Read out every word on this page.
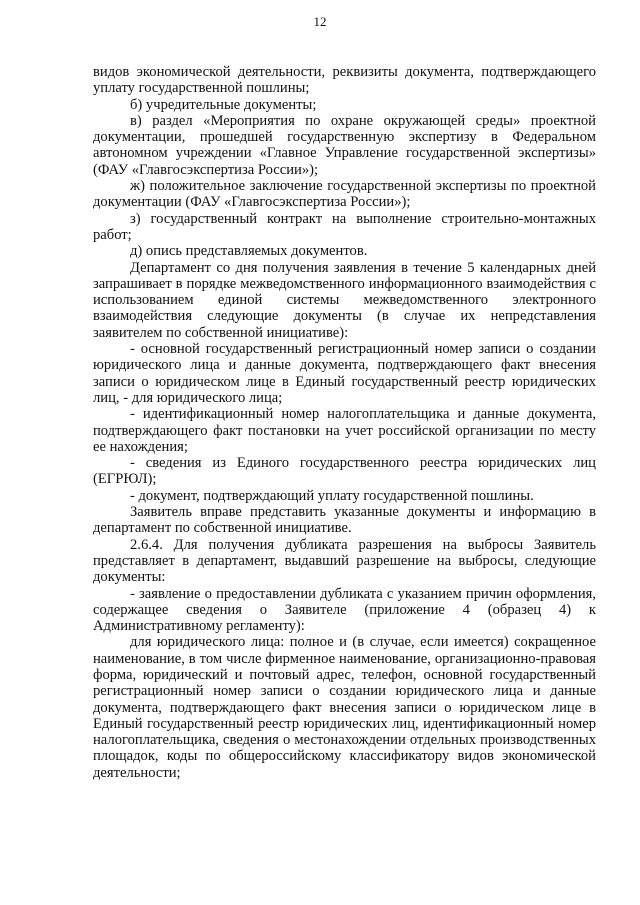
12

видов экономической деятельности, реквизиты документа, подтверждающего уплату государственной пошлины;

б) учредительные документы;

в) раздел «Мероприятия по охране окружающей среды» проектной документации, прошедшей государственную экспертизу в Федеральном автономном учреждении «Главное Управление государственной экспертизы» (ФАУ «Главгосэкспертиза России»);

ж) положительное заключение государственной экспертизы по проектной документации (ФАУ «Главгосэкспертиза России»);

з) государственный контракт на выполнение строительно-монтажных работ;

д) опись представляемых документов.

Департамент со дня получения заявления в течение 5 календарных дней запрашивает в порядке межведомственного информационного взаимодействия с использованием единой системы межведомственного электронного взаимодействия следующие документы (в случае их непредставления заявителем по собственной инициативе):

- основной государственный регистрационный номер записи о создании юридического лица и данные документа, подтверждающего факт внесения записи о юридическом лице в Единый государственный реестр юридических лиц, - для юридического лица;

- идентификационный номер налогоплательщика и данные документа, подтверждающего факт постановки на учет российской организации по месту ее нахождения;

- сведения из Единого государственного реестра юридических лиц (ЕГРЮЛ);

- документ, подтверждающий уплату государственной пошлины.

Заявитель вправе представить указанные документы и информацию в департамент по собственной инициативе.

2.6.4. Для получения дубликата разрешения на выбросы Заявитель представляет в департамент, выдавший разрешение на выбросы, следующие документы:

- заявление о предоставлении дубликата с указанием причин оформления, содержащее сведения о Заявителе (приложение 4 (образец 4) к Административному регламенту):

для юридического лица: полное и (в случае, если имеется) сокращенное наименование, в том числе фирменное наименование, организационно-правовая форма, юридический и почтовый адрес, телефон, основной государственный регистрационный номер записи о создании юридического лица и данные документа, подтверждающего факт внесения записи о юридическом лице в Единый государственный реестр юридических лиц, идентификационный номер налогоплательщика, сведения о местонахождении отдельных производственных площадок, коды по общероссийскому классификатору видов экономической деятельности;
